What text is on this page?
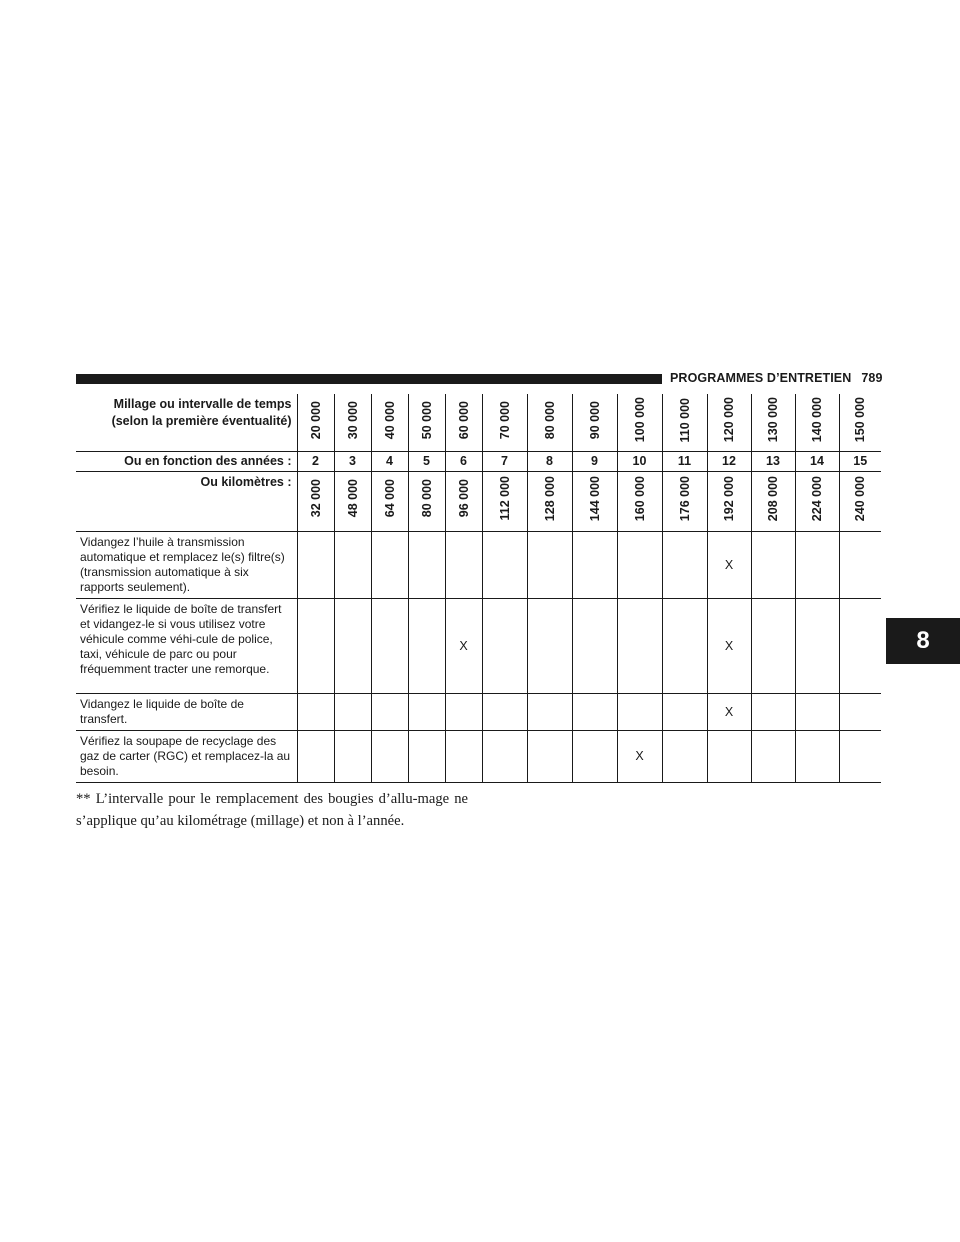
PROGRAMMES D’ENTRETIEN 789
8
Millage ou intervalle de temps
(selon la première éventualité)	20 000	30 000	40 000	50 000	60 000	70 000	80 000	90 000	100 000	110 000	120 000	130 000	140 000	150 000
Ou en fonction des années :	2	3	4	5	6	7	8	9	10	11	12	13	14	15
Ou kilomètres :	32 000	48 000	64 000	80 000	96 000	112 000	128 000	144 000	160 000	176 000	192 000	208 000	224 000	240 000
Vidangez l’huile à transmission automatique et remplacez le(s) filtre(s) (transmission automatique à six rapports seulement).											X			
Vérifiez le liquide de boîte de transfert et vidangez-le si vous utilisez votre véhicule comme véhi-cule de police, taxi, véhicule de parc ou pour fréquemment tracter une remorque.					X						X			
Vidangez le liquide de boîte de transfert.											X			
Vérifiez la soupape de recyclage des gaz de carter (RGC) et remplacez-la au besoin.									X					

** L’intervalle pour le remplacement des bougies d’allu-mage ne s’applique qu’au kilométrage (millage) et non à l’année.
